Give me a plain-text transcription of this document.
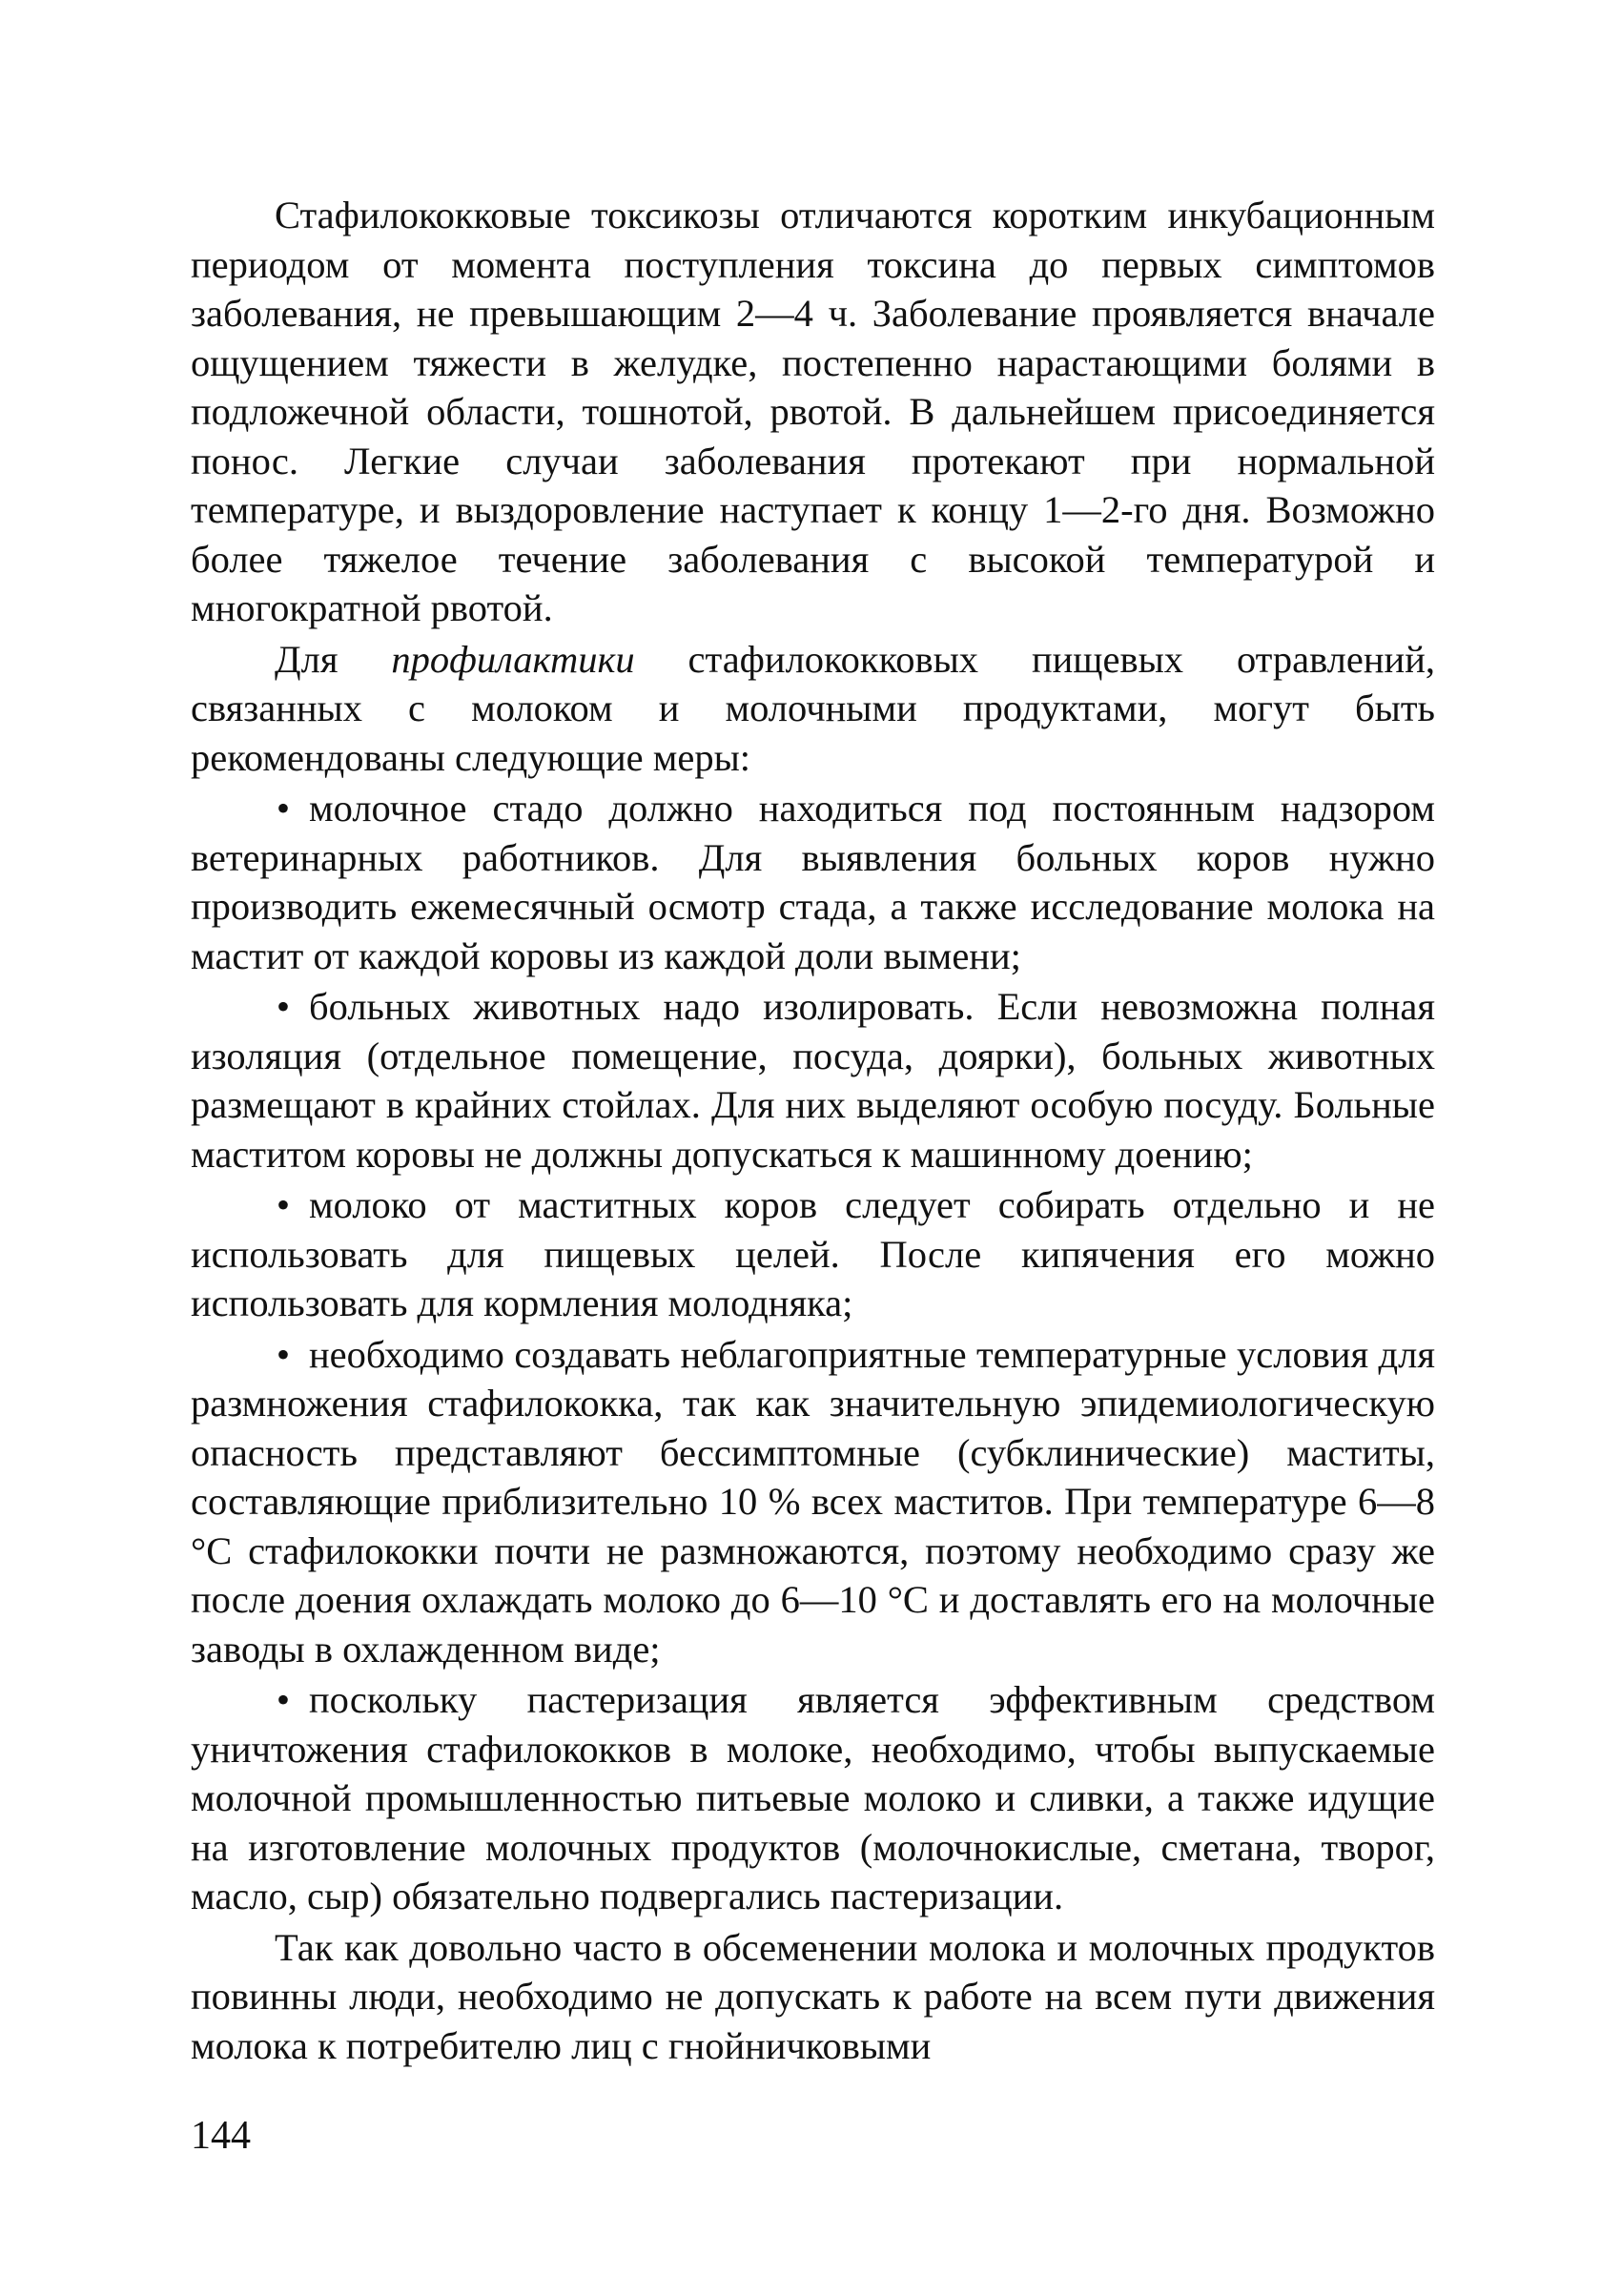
Стафилококковые токсикозы отличаются коротким инкубационным периодом от момента поступления токсина до первых симптомов заболевания, не превышающим 2—4 ч. Заболевание проявляется вначале ощущением тяжести в желудке, постепенно нарастающими болями в подложечной области, тошнотой, рвотой. В дальнейшем присоединяется понос. Легкие случаи заболевания протекают при нормальной температуре, и выздоровление наступает к концу 1—2-го дня. Возможно более тяжелое течение заболевания с высокой температурой и многократной рвотой.

Для профилактики стафилококковых пищевых отравлений, связанных с молоком и молочными продуктами, могут быть рекомендованы следующие меры:

• молочное стадо должно находиться под постоянным надзором ветеринарных работников. Для выявления больных коров нужно производить ежемесячный осмотр стада, а также исследование молока на мастит от каждой коровы из каждой доли вымени;

• больных животных надо изолировать. Если невозможна полная изоляция (отдельное помещение, посуда, доярки), больных животных размещают в крайних стойлах. Для них выделяют особую посуду. Больные маститом коровы не должны допускаться к машинному доению;

• молоко от маститных коров следует собирать отдельно и не использовать для пищевых целей. После кипячения его можно использовать для кормления молодняка;

• необходимо создавать неблагоприятные температурные условия для размножения стафилококка, так как значительную эпидемиологическую опасность представляют бессимптомные (субклинические) маститы, составляющие приблизительно 10 % всех маститов. При температуре 6—8 °С стафилококки почти не размножаются, поэтому необходимо сразу же после доения охлаждать молоко до 6—10 °С и доставлять его на молочные заводы в охлажденном виде;

• поскольку пастеризация является эффективным средством уничтожения стафилококков в молоке, необходимо, чтобы выпускаемые молочной промышленностью питьевые молоко и сливки, а также идущие на изготовление молочных продуктов (молочнокислые, сметана, творог, масло, сыр) обязательно подвергались пастеризации.

Так как довольно часто в обсеменении молока и молочных продуктов повинны люди, необходимо не допускать к работе на всем пути движения молока к потребителю лиц с гнойничковыми

144
